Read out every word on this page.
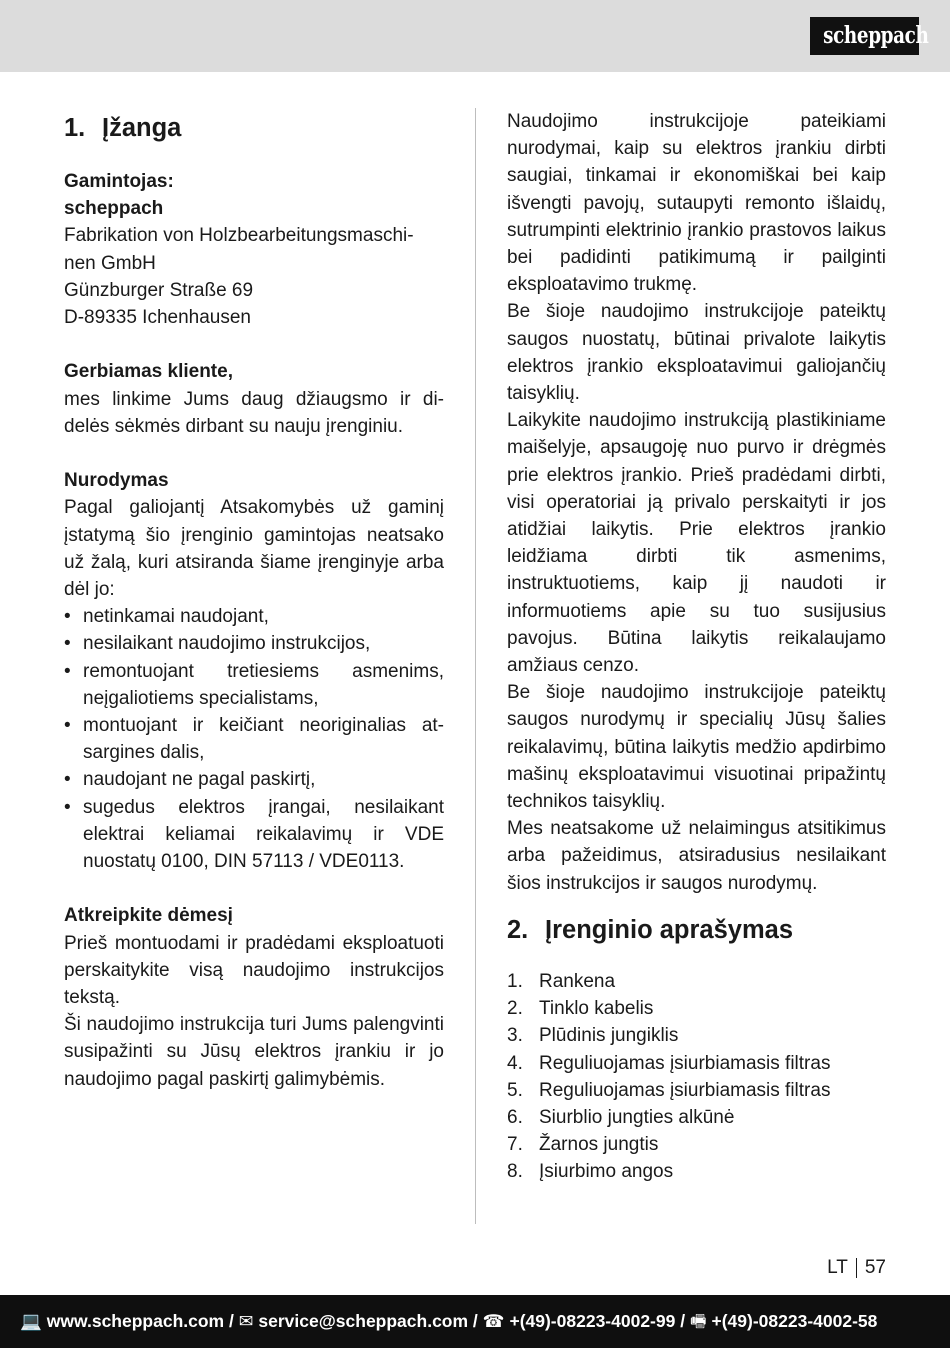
scheppach
1. Įžanga

Gamintojas:

scheppach

Fabrikation von Holzbearbeitungsmaschi-

nen GmbH

Günzburger Straße 69

D-89335 Ichenhausen

Gerbiamas kliente,

mes linkime Jums daug džiaugsmo ir di-delės sėkmės dirbant su nauju įrenginiu.

Nurodymas

Pagal galiojantį Atsakomybės už gaminį įstatymą šio įrenginio gamintojas neatsako už žalą, kuri atsiranda šiame įrenginyje arba dėl jo:

• netinkamai naudojant,
• nesilaikant naudojimo instrukcijos,
• remontuojant tretiesiems asmenims, neįgaliotiems specialistams,
• montuojant ir keičiant neoriginalias at-sargines dalis,
• naudojant ne pagal paskirtį,
• sugedus elektros įrangai, nesilaikant elektrai keliamai reikalavimų ir VDE nuostatų 0100, DIN 57113 / VDE0113.

Atkreipkite dėmesį

Prieš montuodami ir pradėdami eksploatuoti perskaitykite visą naudojimo instrukcijos tekstą.

Ši naudojimo instrukcija turi Jums palengvinti susipažinti su Jūsų elektros įrankiu ir jo naudojimo pagal paskirtį galimybėmis.

Naudojimo instrukcijoje pateikiami nurodymai, kaip su elektros įrankiu dirbti saugiai, tinkamai ir ekonomiškai bei kaip išvengti pavojų, sutaupyti remonto išlaidų, sutrumpinti elektrinio įrankio prastovos laikus bei padidinti patikimumą ir pailginti eksploatavimo trukmę.

Be šioje naudojimo instrukcijoje pateiktų saugos nuostatų, būtinai privalote laikytis elektros įrankio eksploatavimui galiojančių taisyklių.

Laikykite naudojimo instrukciją plastikiniame maišelyje, apsaugoję nuo purvo ir drėgmės prie elektros įrankio. Prieš pradėdami dirbti, visi operatoriai ją privalo perskaityti ir jos atidžiai laikytis. Prie elektros įrankio leidžiama dirbti tik asmenims, instruktuotiems, kaip jį naudoti ir informuotiems apie su tuo susijusius pavojus. Būtina laikytis reikalaujamo amžiaus cenzo.

Be šioje naudojimo instrukcijoje pateiktų saugos nurodymų ir specialių Jūsų šalies reikalavimų, būtina laikytis medžio apdirbimo mašinų eksploatavimui visuotinai pripažintų technikos taisyklių.

Mes neatsakome už nelaimingus atsitikimus arba pažeidimus, atsiradusius nesilaikant šios instrukcijos ir saugos nurodymų.

2. Įrenginio aprašymas
1. Rankena
2. Tinklo kabelis
3. Plūdinis jungiklis
4. Reguliuojamas įsiurbiamasis filtras
5. Reguliuojamas įsiurbiamasis filtras
6. Siurblio jungties alkūnė
7. Žarnos jungtis
8. Įsiurbimo angos
LT 57
💻 www.scheppach.com / ✉ service@scheppach.com / ☎ +(49)-08223-4002-99 / 🖷 +(49)-08223-4002-58
